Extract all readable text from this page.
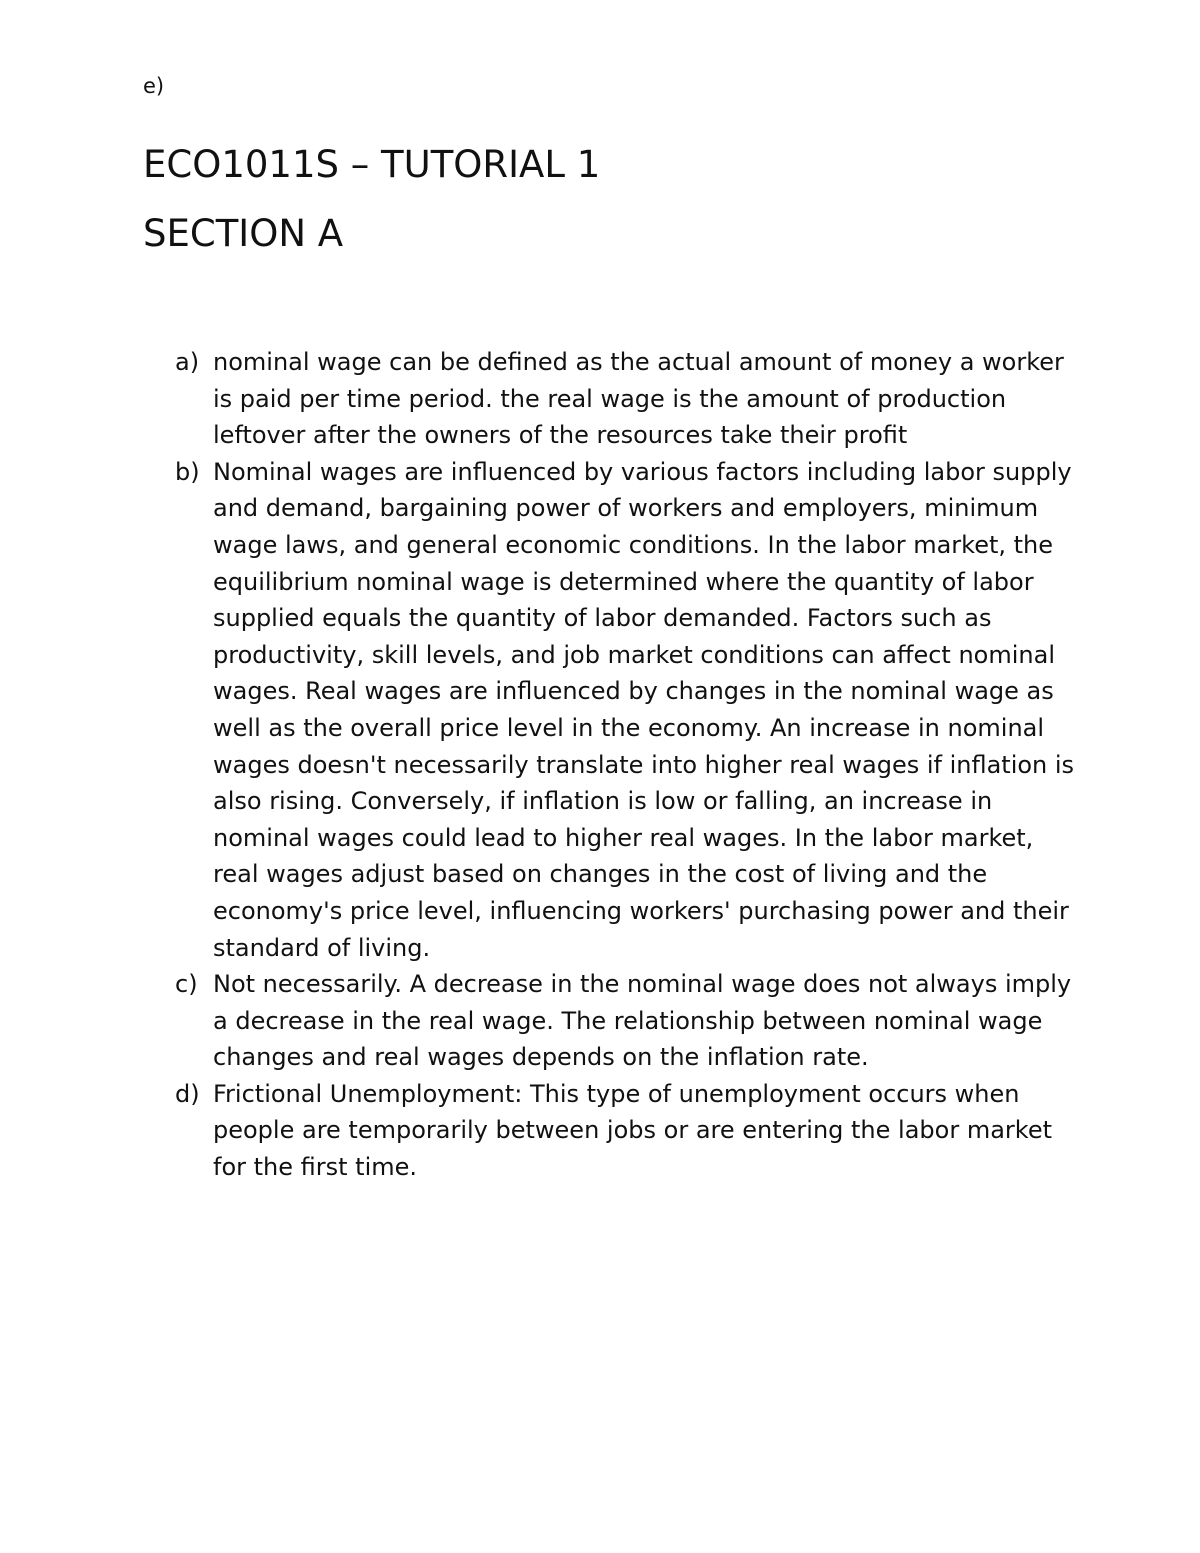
e)
ECO1011S – TUTORIAL 1
SECTION A
a) nominal wage can be defined as the actual amount of money a worker is paid per time period. the real wage is the amount of production leftover after the owners of the resources take their profit
b) Nominal wages are influenced by various factors including labor supply and demand, bargaining power of workers and employers, minimum wage laws, and general economic conditions. In the labor market, the equilibrium nominal wage is determined where the quantity of labor supplied equals the quantity of labor demanded. Factors such as productivity, skill levels, and job market conditions can affect nominal wages. Real wages are influenced by changes in the nominal wage as well as the overall price level in the economy. An increase in nominal wages doesn't necessarily translate into higher real wages if inflation is also rising. Conversely, if inflation is low or falling, an increase in nominal wages could lead to higher real wages. In the labor market, real wages adjust based on changes in the cost of living and the economy's price level, influencing workers' purchasing power and their standard of living.
c) Not necessarily. A decrease in the nominal wage does not always imply a decrease in the real wage. The relationship between nominal wage changes and real wages depends on the inflation rate.
d) Frictional Unemployment: This type of unemployment occurs when people are temporarily between jobs or are entering the labor market for the first time.
